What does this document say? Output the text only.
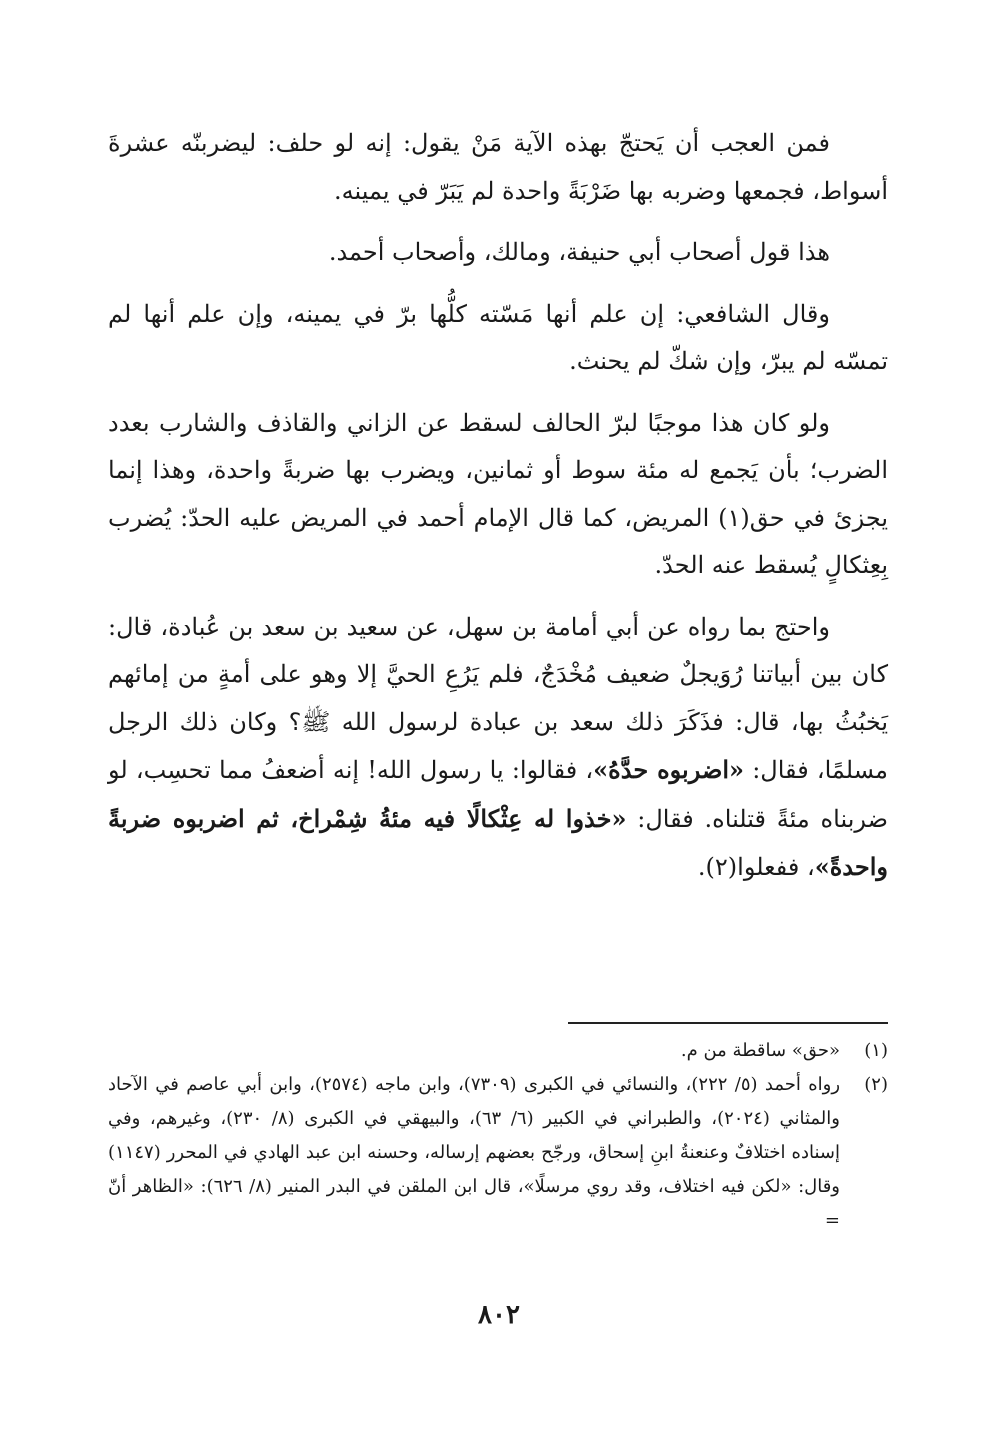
فمن العجب أن يَحتجّ بهذه الآية مَنْ يقول: إنه لو حلف: ليضربنّه عشرةَ أسواط، فجمعها وضربه بها ضَرْبَةً واحدة لم يَبَرّ في يمينه.

هذا قول أصحاب أبي حنيفة، ومالك، وأصحاب أحمد.

وقال الشافعي: إن علم أنها مَسّته كلُّها برّ في يمينه، وإن علم أنها لم تمسّه لم يبرّ، وإن شكّ لم يحنث.

ولو كان هذا موجبًا لبرّ الحالف لسقط عن الزاني والقاذف والشارب بعدد الضرب؛ بأن يَجمع له مئة سوط أو ثمانين، ويضرب بها ضربةً واحدة، وهذا إنما يجزئ في حق(١) المريض، كما قال الإمام أحمد في المريض عليه الحدّ: يُضرب بِعِثكالٍ يُسقط عنه الحدّ.

واحتج بما رواه عن أبي أمامة بن سهل، عن سعيد بن سعد بن عُبادة، قال: كان بين أبياتنا رُوَيجلٌ ضعيف مُخْدَجٌ، فلم يَرُعِ الحيَّ إلا وهو على أمةٍ من إمائهم يَخبُثُ بها، قال: فذَكَرَ ذلك سعد بن عبادة لرسول الله ﷺ؟ وكان ذلك الرجل مسلمًا، فقال: «اضربوه حدَّهُ»، فقالوا: يا رسول الله! إنه أضعفُ مما تحسِب، لو ضربناه مئةً قتلناه. فقال: «خذوا له عِثْكالًا فيه مئةُ شِمْراخ، ثم اضربوه ضربةً واحدةً»، ففعلوا(٢).

(١)
«حق» ساقطة من م.
(٢)
رواه أحمد (٥/ ٢٢٢)، والنسائي في الكبرى (٧٣٠٩)، وابن ماجه (٢٥٧٤)، وابن أبي عاصم في الآحاد والمثاني (٢٠٢٤)، والطبراني في الكبير (٦/ ٦٣)، والبيهقي في الكبرى (٨/ ٢٣٠)، وغيرهم، وفي إسناده اختلافٌ وعنعنةُ ابنِ إسحاق، ورجّح بعضهم إرساله، وحسنه ابن عبد الهادي في المحرر (١١٤٧) وقال: «لكن فيه اختلاف، وقد روي مرسلًا»، قال ابن الملقن في البدر المنير (٨/ ٦٢٦): «الظاهر أنّ =
٨٠٢
